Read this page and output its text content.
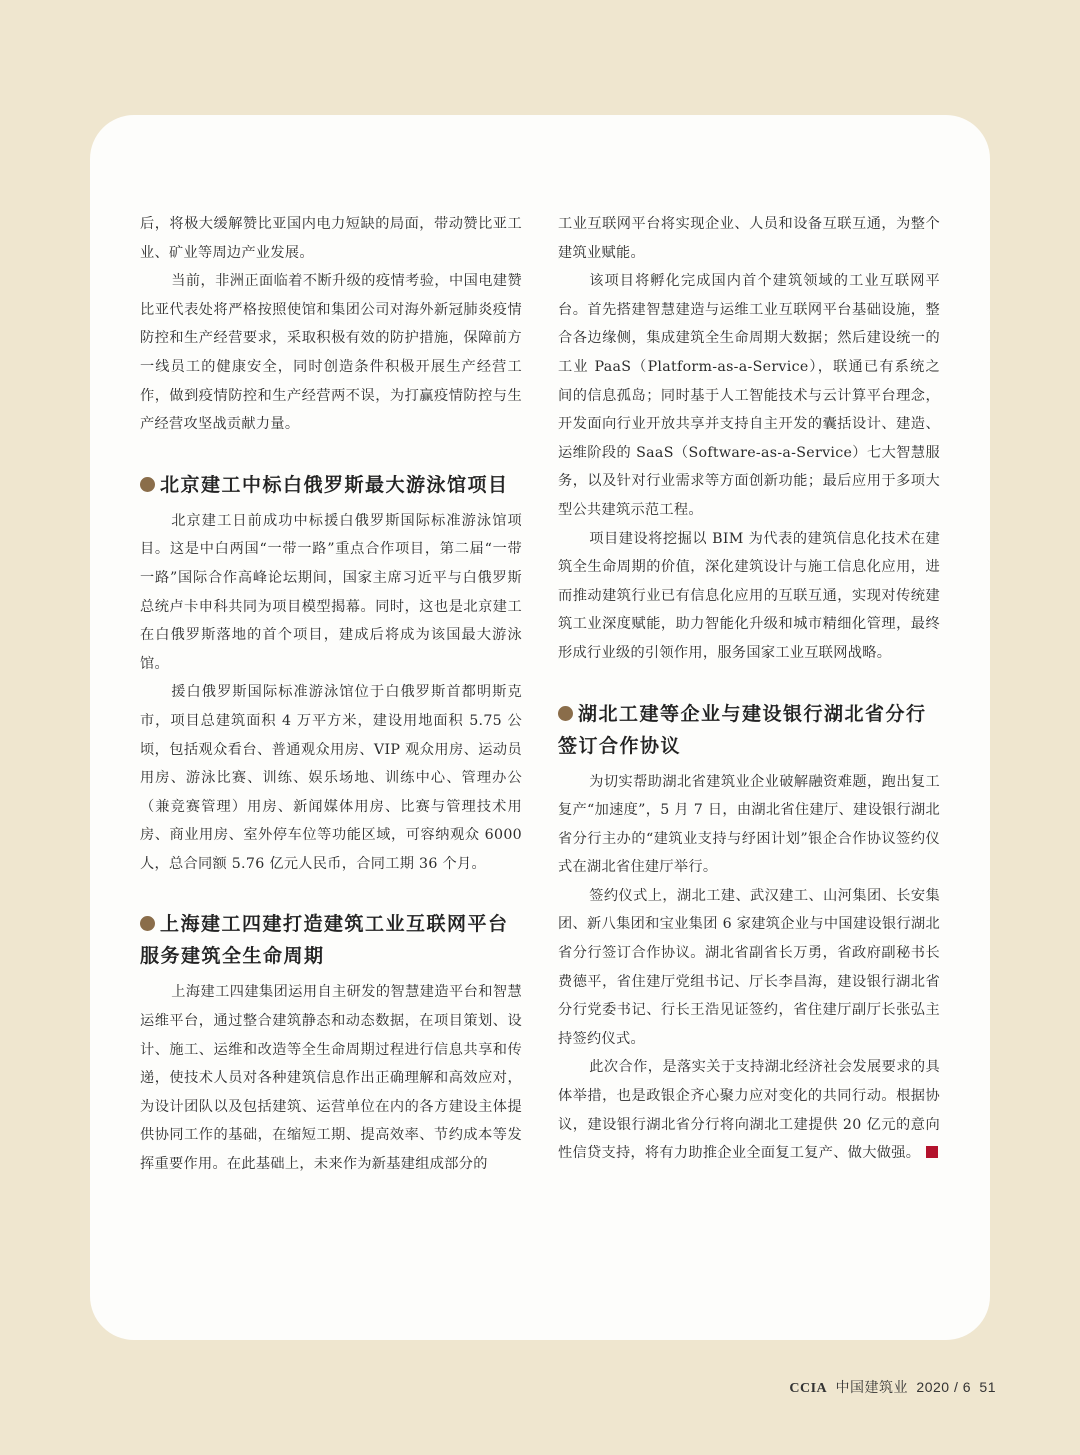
后，将极大缓解赞比亚国内电力短缺的局面，带动赞比亚工业、矿业等周边产业发展。

当前，非洲正面临着不断升级的疫情考验，中国电建赞比亚代表处将严格按照使馆和集团公司对海外新冠肺炎疫情防控和生产经营要求，采取积极有效的防护措施，保障前方一线员工的健康安全，同时创造条件积极开展生产经营工作，做到疫情防控和生产经营两不误，为打赢疫情防控与生产经营攻坚战贡献力量。

北京建工中标白俄罗斯最大游泳馆项目

北京建工日前成功中标援白俄罗斯国际标准游泳馆项目。这是中白两国“一带一路”重点合作项目，第二届“一带一路”国际合作高峰论坛期间，国家主席习近平与白俄罗斯总统卢卡申科共同为项目模型揭幕。同时，这也是北京建工在白俄罗斯落地的首个项目，建成后将成为该国最大游泳馆。

援白俄罗斯国际标准游泳馆位于白俄罗斯首都明斯克市，项目总建筑面积 4 万平方米，建设用地面积 5.75 公顷，包括观众看台、普通观众用房、VIP 观众用房、运动员用房、游泳比赛、训练、娱乐场地、训练中心、管理办公（兼竞赛管理）用房、新闻媒体用房、比赛与管理技术用房、商业用房、室外停车位等功能区域，可容纳观众 6000 人，总合同额 5.76 亿元人民币，合同工期 36 个月。

上海建工四建打造建筑工业互联网平台服务建筑全生命周期

上海建工四建集团运用自主研发的智慧建造平台和智慧运维平台，通过整合建筑静态和动态数据，在项目策划、设计、施工、运维和改造等全生命周期过程进行信息共享和传递，使技术人员对各种建筑信息作出正确理解和高效应对，为设计团队以及包括建筑、运营单位在内的各方建设主体提供协同工作的基础，在缩短工期、提高效率、节约成本等发挥重要作用。在此基础上，未来作为新基建组成部分的

工业互联网平台将实现企业、人员和设备互联互通，为整个建筑业赋能。

该项目将孵化完成国内首个建筑领域的工业互联网平台。首先搭建智慧建造与运维工业互联网平台基础设施，整合各边缘侧，集成建筑全生命周期大数据；然后建设统一的工业 PaaS（Platform-as-a-Service），联通已有系统之间的信息孤岛；同时基于人工智能技术与云计算平台理念，开发面向行业开放共享并支持自主开发的囊括设计、建造、运维阶段的 SaaS（Software-as-a-Service）七大智慧服务，以及针对行业需求等方面创新功能；最后应用于多项大型公共建筑示范工程。

项目建设将挖掘以 BIM 为代表的建筑信息化技术在建筑全生命周期的价值，深化建筑设计与施工信息化应用，进而推动建筑行业已有信息化应用的互联互通，实现对传统建筑工业深度赋能，助力智能化升级和城市精细化管理，最终形成行业级的引领作用，服务国家工业互联网战略。

湖北工建等企业与建设银行湖北省分行签订合作协议

为切实帮助湖北省建筑业企业破解融资难题，跑出复工复产“加速度”，5 月 7 日，由湖北省住建厅、建设银行湖北省分行主办的“建筑业支持与纾困计划”银企合作协议签约仪式在湖北省住建厅举行。

签约仪式上，湖北工建、武汉建工、山河集团、长安集团、新八集团和宝业集团 6 家建筑企业与中国建设银行湖北省分行签订合作协议。湖北省副省长万勇，省政府副秘书长费德平，省住建厅党组书记、厅长李昌海，建设银行湖北省分行党委书记、行长王浩见证签约，省住建厅副厅长张弘主持签约仪式。

此次合作，是落实关于支持湖北经济社会发展要求的具体举措，也是政银企齐心聚力应对变化的共同行动。根据协议，建设银行湖北省分行将向湖北工建提供 20 亿元的意向性信贷支持，将有力助推企业全面复工复产、做大做强。

CCIA 中国建筑业 2020 / 6 51
